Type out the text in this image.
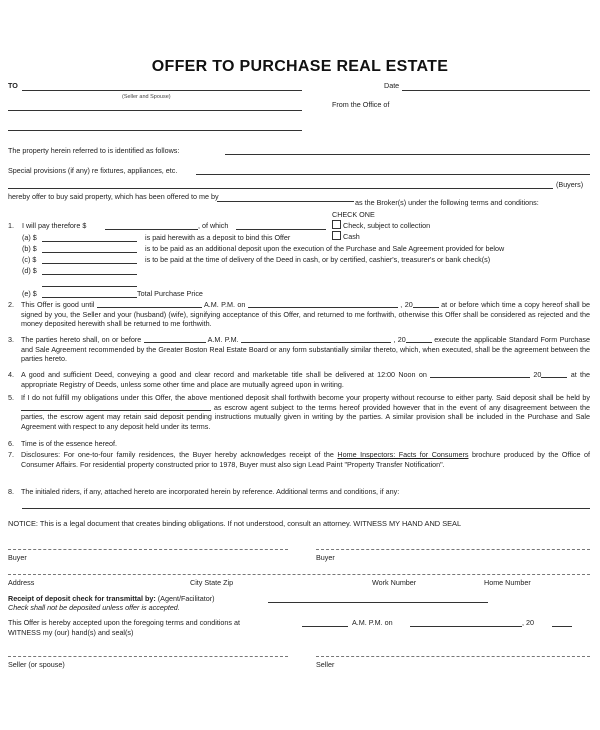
OFFER TO PURCHASE REAL ESTATE
TO
(Seller and Spouse)
Date
From the Office of
The property herein referred to is identified as follows:
Special provisions (if any) re fixtures, appliances, etc.
(Buyers)
hereby offer to buy said property, which has been offered to me by
as the Broker(s) under the following terms and conditions:
CHECK ONE
1. I will pay therefore $	, of which	Check, subject to collection
Cash
(a) $	is paid herewith as a deposit to bind this Offer
(b) $	is to be paid as an additional deposit upon the execution of the Purchase and Sale Agreement provided for below
(c) $	is to be paid at the time of delivery of the Deed in cash, or by certified, cashier's, treasurer's or bank check(s)
(d) $
(e) $	Total Purchase Price
2. This Offer is good until	A.M. P.M. on	, 20	at or before which time a copy hereof shall be signed by you, the Seller and your (husband) (wife), signifying acceptance of this Offer, and returned to me forthwith, otherwise this Offer shall be considered as rejected and the money deposited herewith shall be returned to me forthwith.
3. The parties hereto shall, on or before	A.M. P.M.	, 20	execute the applicable Standard Form Purchase and Sale Agreement recommended by the Greater Boston Real Estate Board or any form substantially similar thereto, which, when executed, shall be the agreement between the parties hereto.
4. A good and sufficient Deed, conveying a good and clear record and marketable title shall be delivered at 12:00 Noon on	20	at the appropriate Registry of Deeds, unless some other time and place are mutually agreed upon in writing.
5. If I do not fulfill my obligations under this Offer, the above mentioned deposit shall forthwith become your property without recourse to either party. Said deposit shall be held by  as escrow agent subject to the terms hereof provided however that in the event of any disagreement between the parties, the escrow agent may retain said deposit pending instructions mutually given in writing by the parties. A similar provision shall be included in the Purchase and Sale Agreement with respect to any deposit held under its terms.
6. Time is of the essence hereof.
7. Disclosures: For one-to-four family residences, the Buyer hereby acknowledges receipt of the Home Inspectors: Facts for Consumers brochure produced by the Office of Consumer Affairs. For residential property constructed prior to 1978, Buyer must also sign Lead Paint "Property Transfer Notification".
8. The initialed riders, if any, attached hereto are incorporated herein by reference. Additional terms and conditions, if any:
NOTICE: This is a legal document that creates binding obligations. If not understood, consult an attorney. WITNESS MY HAND AND SEAL
Buyer	Buyer
Address	City State Zip	Work Number	Home Number
Receipt of deposit check for transmittal by: (Agent/Facilitator)
Check shall not be deposited unless offer is accepted.
This Offer is hereby accepted upon the foregoing terms and conditions at	A.M. P.M. on	, 20
WITNESS my (our) hand(s) and seal(s)
Seller (or spouse)	Seller
